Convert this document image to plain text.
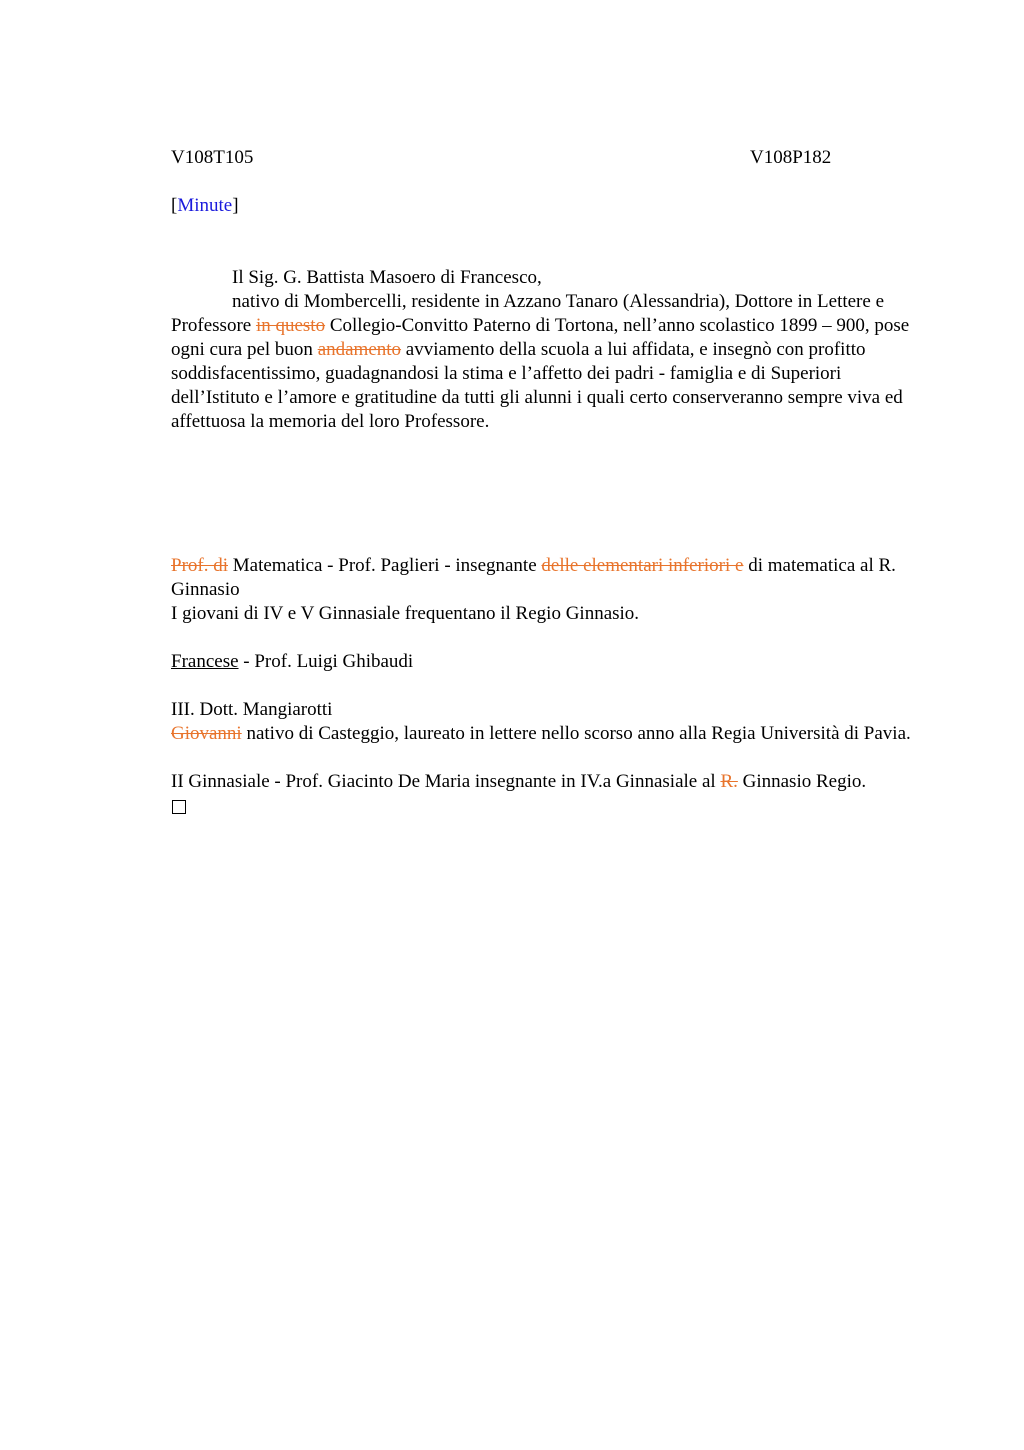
V108T105	V108P182

[Minute]

Il Sig. G. Battista Masoero di Francesco,

nativo di Mombercelli, residente in Azzano Tanaro (Alessandria), Dottore in Lettere e Professore in questo Collegio-Convitto Paterno di Tortona, nell’anno scolastico 1899 – 900, pose ogni cura pel buon andamento avviamento della scuola a lui affidata, e insegnò con profitto soddisfacentissimo, guadagnandosi la stima e l’affetto dei padri - famiglia e di Superiori dell’Istituto e l’amore e gratitudine da tutti gli alunni i quali certo conserveranno sempre viva ed affettuosa la memoria del loro Professore.

Prof. di Matematica - Prof. Paglieri - insegnante delle elementari inferiori e di matematica al R. Ginnasio

I giovani di IV e V Ginnasiale frequentano il Regio Ginnasio.

Francese - Prof. Luigi Ghibaudi

III. Dott. Mangiarotti

Giovanni nativo di Casteggio, laureato in lettere nello scorso anno alla Regia Università di Pavia.

II Ginnasiale - Prof. Giacinto De Maria insegnante in IV.a Ginnasiale al R. Ginnasio Regio.
